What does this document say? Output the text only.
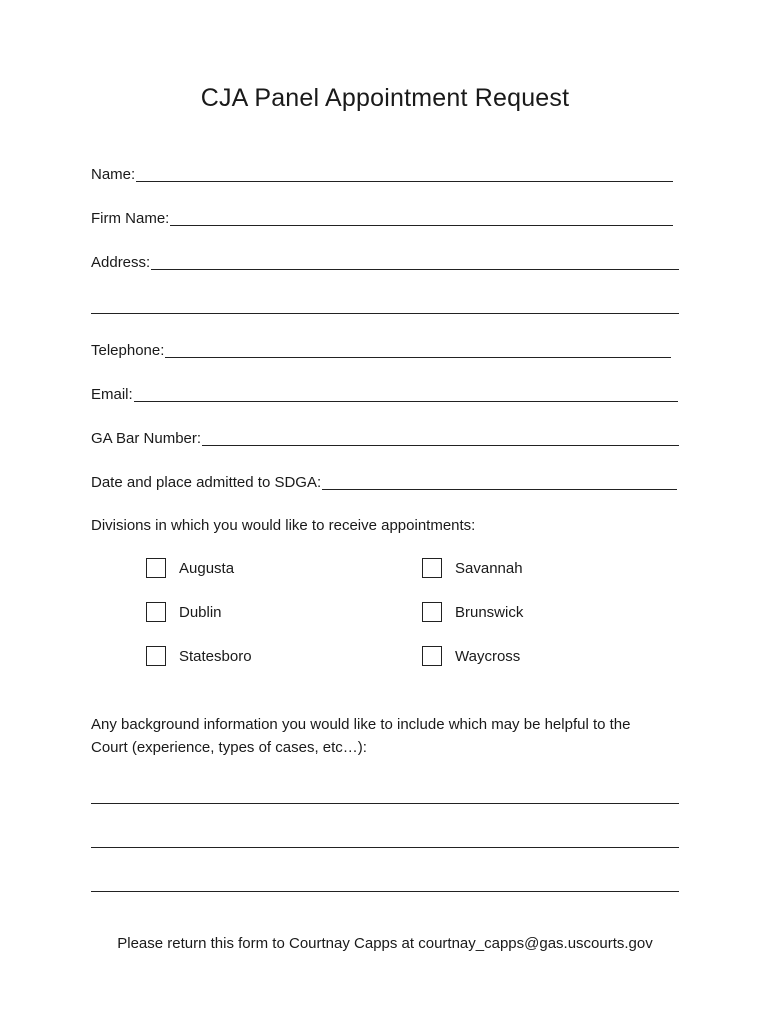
CJA Panel Appointment Request
Name:
Firm Name:
Address:
Telephone:
Email:
GA Bar Number:
Date and place admitted to SDGA:
Divisions in which you would like to receive appointments:
Augusta	Savannah
Dublin	Brunswick
Statesboro	Waycross
Any background information you would like to include which may be helpful to the
Court (experience, types of cases, etc…):
Please return this form to Courtnay Capps at courtnay_capps@gas.uscourts.gov
